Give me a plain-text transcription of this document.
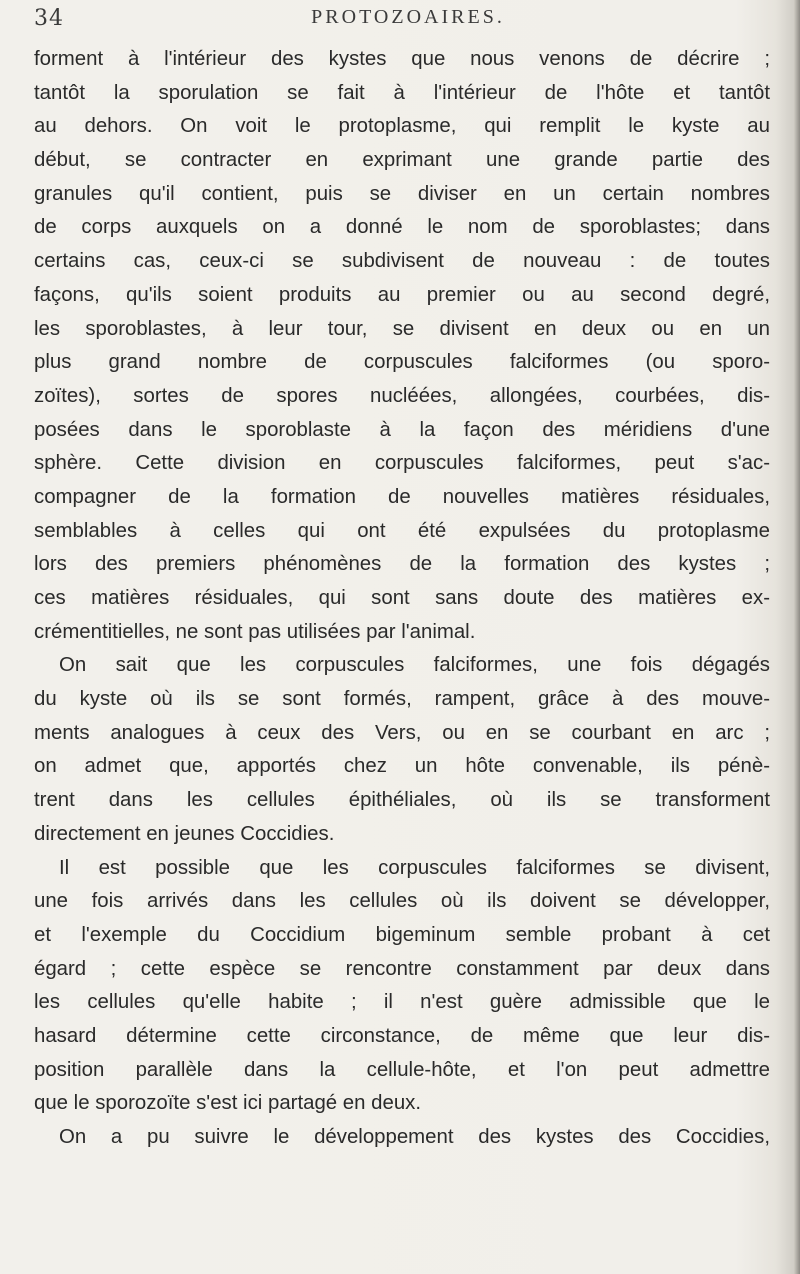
34	PROTOZOAIRES.
forment à l'intérieur des kystes que nous venons de décrire ;
tantôt la sporulation se fait à l'intérieur de l'hôte et tantôt
au dehors. On voit le protoplasme, qui remplit le kyste au
début, se contracter en exprimant une grande partie des
granules qu'il contient, puis se diviser en un certain nombres
de corps auxquels on a donné le nom de sporoblastes; dans
certains cas, ceux-ci se subdivisent de nouveau : de toutes
façons, qu'ils soient produits au premier ou au second degré,
les sporoblastes, à leur tour, se divisent en deux ou en un
plus grand nombre de corpuscules falciformes (ou sporo-
zoïtes), sortes de spores nucléées, allongées, courbées, dis-
posées dans le sporoblaste à la façon des méridiens d'une
sphère. Cette division en corpuscules falciformes, peut s'ac-
compagner de la formation de nouvelles matières résiduales,
semblables à celles qui ont été expulsées du protoplasme
lors des premiers phénomènes de la formation des kystes ;
ces matières résiduales, qui sont sans doute des matières ex-
crémentitielles, ne sont pas utilisées par l'animal.
On sait que les corpuscules falciformes, une fois dégagés
du kyste où ils se sont formés, rampent, grâce à des mouve-
ments analogues à ceux des Vers, ou en se courbant en arc ;
on admet que, apportés chez un hôte convenable, ils pénè-
trent dans les cellules épithéliales, où ils se transforment
directement en jeunes Coccidies.
Il est possible que les corpuscules falciformes se divisent,
une fois arrivés dans les cellules où ils doivent se développer,
et l'exemple du Coccidium bigeminum semble probant à cet
égard ; cette espèce se rencontre constamment par deux dans
les cellules qu'elle habite ; il n'est guère admissible que le
hasard détermine cette circonstance, de même que leur dis-
position parallèle dans la cellule-hôte, et l'on peut admettre
que le sporozoïte s'est ici partagé en deux.
On a pu suivre le développement des kystes des Coccidies,
